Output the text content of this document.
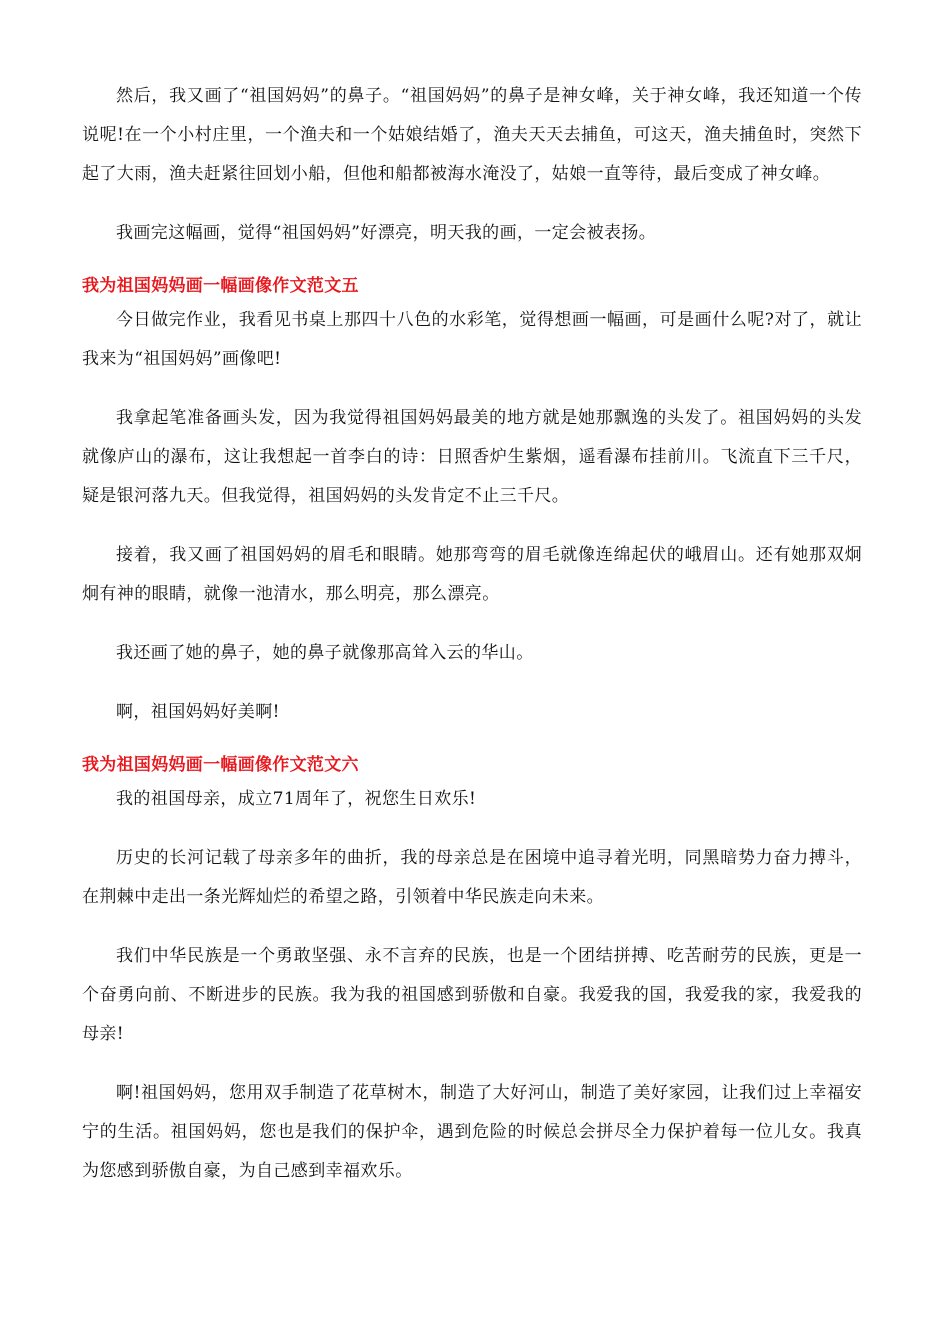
然后，我又画了“祖国妈妈”的鼻子。“祖国妈妈”的鼻子是神女峰，关于神女峰，我还知道一个传说呢!在一个小村庄里，一个渔夫和一个姑娘结婚了，渔夫天天去捕鱼，可这天，渔夫捕鱼时，突然下起了大雨，渔夫赶紧往回划小船，但他和船都被海水淹没了，姑娘一直等待，最后变成了神女峰。

我画完这幅画，觉得“祖国妈妈”好漂亮，明天我的画，一定会被表扬。

我为祖国妈妈画一幅画像作文范文五

今日做完作业，我看见书桌上那四十八色的水彩笔，觉得想画一幅画，可是画什么呢?对了，就让我来为“祖国妈妈”画像吧!

我拿起笔准备画头发，因为我觉得祖国妈妈最美的地方就是她那飘逸的头发了。祖国妈妈的头发就像庐山的瀑布，这让我想起一首李白的诗：日照香炉生紫烟，遥看瀑布挂前川。飞流直下三千尺，疑是银河落九天。但我觉得，祖国妈妈的头发肯定不止三千尺。

接着，我又画了祖国妈妈的眉毛和眼睛。她那弯弯的眉毛就像连绵起伏的峨眉山。还有她那双炯炯有神的眼睛，就像一池清水，那么明亮，那么漂亮。

我还画了她的鼻子，她的鼻子就像那高耸入云的华山。

啊，祖国妈妈好美啊!

我为祖国妈妈画一幅画像作文范文六

我的祖国母亲，成立71周年了，祝您生日欢乐!

历史的长河记载了母亲多年的曲折，我的母亲总是在困境中追寻着光明，同黑暗势力奋力搏斗，在荆棘中走出一条光辉灿烂的希望之路，引领着中华民族走向未来。

我们中华民族是一个勇敢坚强、永不言弃的民族，也是一个团结拼搏、吃苦耐劳的民族，更是一个奋勇向前、不断进步的民族。我为我的祖国感到骄傲和自豪。我爱我的国，我爱我的家，我爱我的母亲!

啊!祖国妈妈，您用双手制造了花草树木，制造了大好河山，制造了美好家园，让我们过上幸福安宁的生活。祖国妈妈，您也是我们的保护伞，遇到危险的时候总会拼尽全力保护着每一位儿女。我真为您感到骄傲自豪，为自己感到幸福欢乐。
